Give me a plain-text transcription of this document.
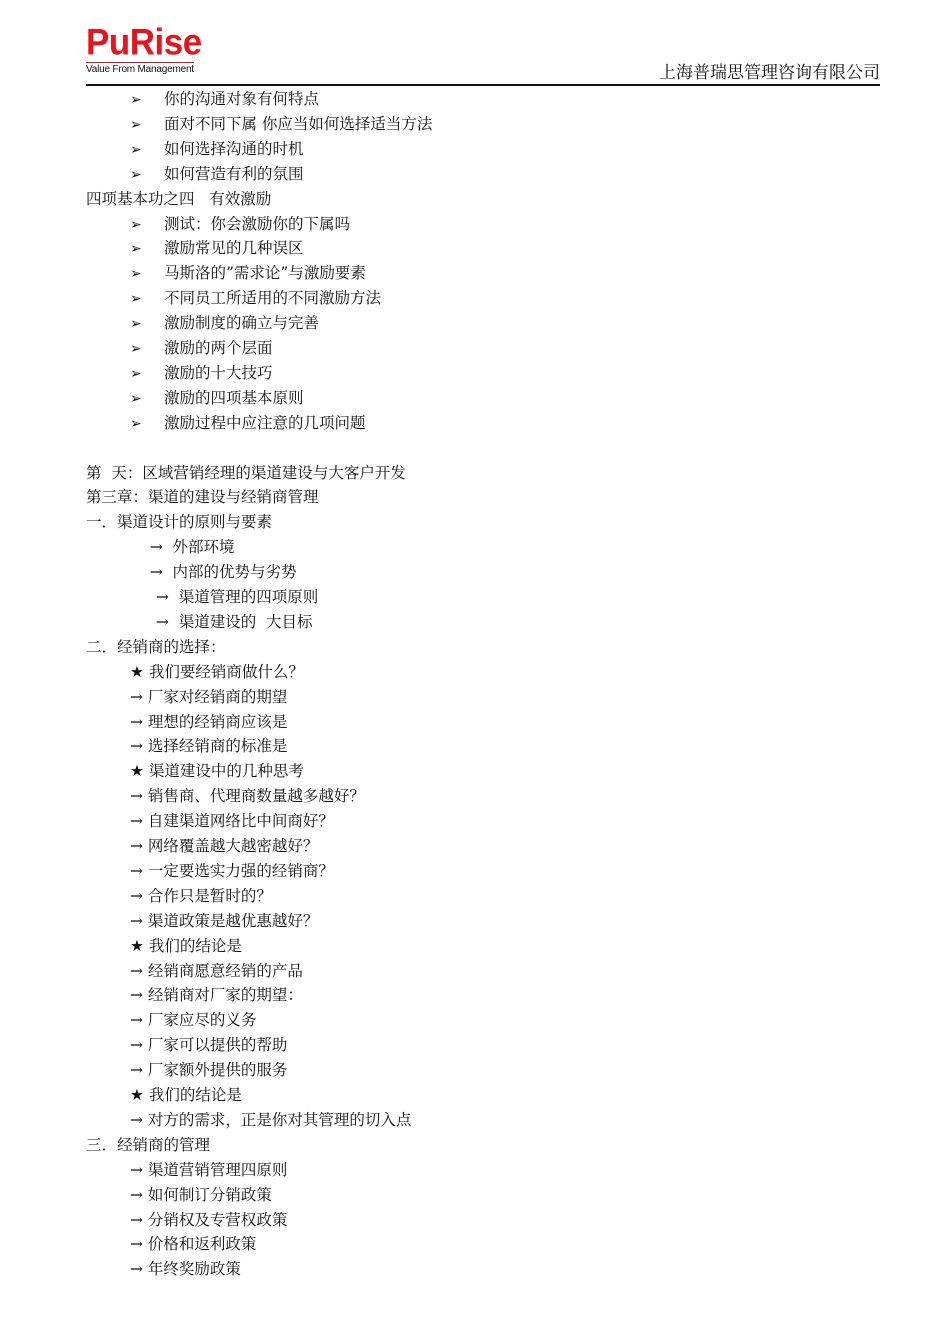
PuRise
Value From Management	上海普瑞思管理咨询有限公司
➢ 你的沟通对象有何特点
➢ 面对不同下属 你应当如何选择适当方法
➢ 如何选择沟通的时机
➢ 如何营造有利的氛围
四项基本功之四   有效激励
➢ 测试：你会激励你的下属吗
➢ 激励常见的几种误区
➢ 马斯洛的”需求论”与激励要素
➢ 不同员工所适用的不同激励方法
➢ 激励制度的确立与完善
➢ 激励的两个层面
➢ 激励的十大技巧
➢ 激励的四项基本原则
➢ 激励过程中应注意的几项问题
第  天：区域营销经理的渠道建设与大客户开发
第三章：渠道的建设与经销商管理
一．渠道设计的原则与要素
→  外部环境
→  内部的优势与劣势
→  渠道管理的四项原则
→  渠道建设的  大目标
二．经销商的选择：
★ 我们要经销商做什么？
→ 厂家对经销商的期望
→ 理想的经销商应该是
→ 选择经销商的标准是
★ 渠道建设中的几种思考
→ 销售商、代理商数量越多越好？
→ 自建渠道网络比中间商好？
→ 网络覆盖越大越密越好？
→ 一定要选实力强的经销商？
→ 合作只是暂时的？
→ 渠道政策是越优惠越好？
★ 我们的结论是
→ 经销商愿意经销的产品
→ 经销商对厂家的期望：
→ 厂家应尽的义务
→ 厂家可以提供的帮助
→ 厂家额外提供的服务
★ 我们的结论是
→ 对方的需求，正是你对其管理的切入点
三．经销商的管理
→ 渠道营销管理四原则
→ 如何制订分销政策
→ 分销权及专营权政策
→ 价格和返利政策
→ 年终奖励政策
